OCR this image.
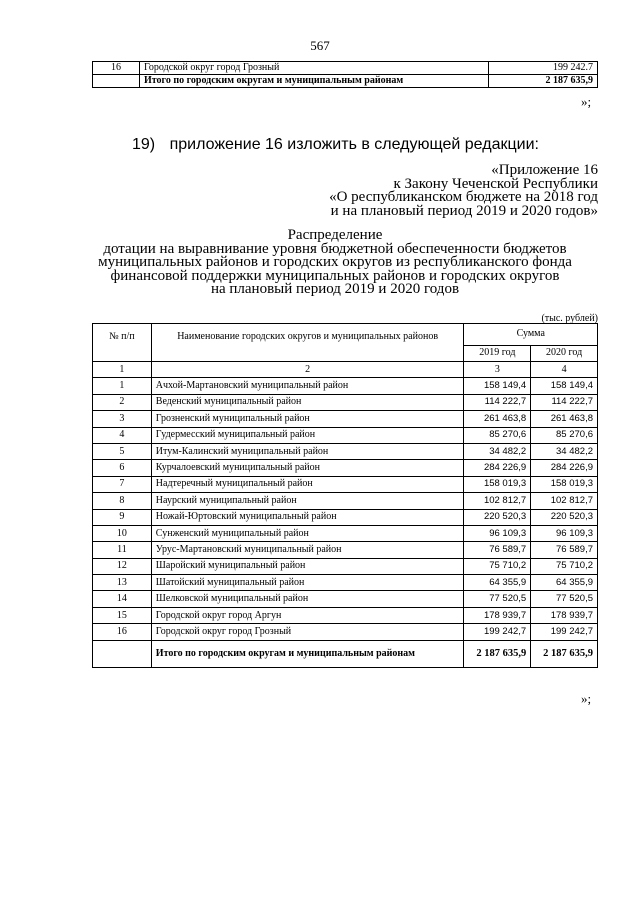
567
16	Городской округ город Грозный	199 242.7
	Итого по городским округам и муниципальным районам	2 187 635,9
»;
19) приложение 16 изложить в следующей редакции:
«Приложение 16
к Закону Чеченской Республики
«О республиканском бюджете на 2018 год
и на плановый период 2019 и 2020 годов»
Распределение
дотации на выравнивание уровня бюджетной обеспеченности бюджетов
муниципальных районов и городских округов из республиканского фонда
финансовой поддержки муниципальных районов и городских округов
на плановый период 2019 и 2020 годов
(тыс. рублей)
№ п/п	Наименование городских округов и муниципальных районов	Сумма	
		2019 год	2020 год
1	2	3	4
1	Ачхой-Мартановский муниципальный район	158 149,4	158 149,4
2	Веденский муниципальный район	114 222,7	114 222,7
3	Грозненский муниципальный район	261 463,8	261 463,8
4	Гудермесский муниципальный район	85 270,6	85 270,6
5	Итум-Калинский муниципальный район	34 482,2	34 482,2
6	Курчалоевский муниципальный район	284 226,9	284 226,9
7	Надтеречный муниципальный район	158 019,3	158 019,3
8	Наурский муниципальный район	102 812,7	102 812,7
9	Ножай-Юртовский муниципальный район	220 520,3	220 520,3
10	Сунженский муниципальный район	96 109,3	96 109,3
11	Урус-Мартановский муниципальный район	76 589,7	76 589,7
12	Шаройский муниципальный район	75 710,2	75 710,2
13	Шатойский муниципальный район	64 355,9	64 355,9
14	Шелковской муниципальный район	77 520,5	77 520,5
15	Городской округ город Аргун	178 939,7	178 939,7
16	Городской округ город Грозный	199 242,7	199 242,7
	Итого по городским округам и муниципальным районам	2 187 635,9	2 187 635,9
»;
